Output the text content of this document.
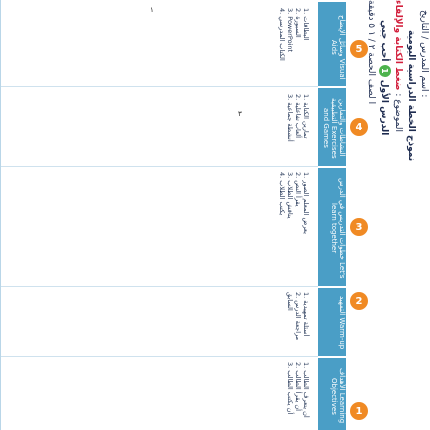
وسائل الإيضاح Visual Aids
النشاطات والتمارين التطبيقية Exercises and Games
خطوات التدريس في الدرس Let's learn together
التمهيد Warm-up
الأهداف Learning Objectives
5
4
3
2
1
1. البطاقات
2. السبورة
3. PowerPoint
4. الكتاب المدرسي
1. تمارين الكتابة
2. ألعاب تفاعلية
3. أنشطة جماعية
1. يعرض المعلم الصور
2. يقرأ النص
3. يناقش الطلاب
4. يكتب الطلاب
1. أسئلة تمهيدية
2. مراجعة الدرس السابق
1. أن يتعرف الطالب
2. أن يقرأ الطالب
3. أن يكتب الطالب
١
٣
اسم المدرس / التاريخ :
نموذج الخطة الدراسية اليومية
الموضوع : ضغط الكتابة والإلقاء
الدرس الأول 1 أحب جبي
ا لصف الحصة ٢ / ١ ٥ دقيقة
